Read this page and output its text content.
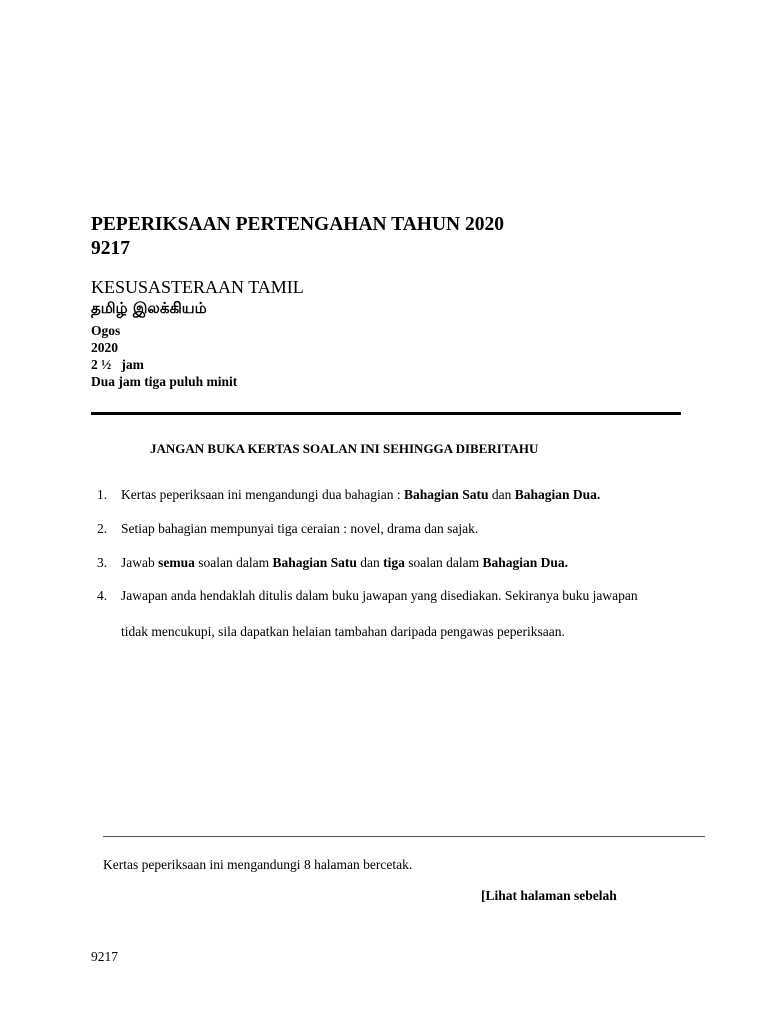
PEPERIKSAAN PERTENGAHAN TAHUN 2020
9217
KESUSASTERAAN TAMIL
தமிழ் இலக்கியம்
Ogos
2020
2 ½   jam
Dua jam tiga puluh minit
JANGAN BUKA KERTAS SOALAN INI SEHINGGA DIBERITAHU
1. Kertas peperiksaan ini mengandungi dua bahagian : Bahagian Satu dan Bahagian Dua.
2. Setiap bahagian mempunyai tiga ceraian : novel, drama dan sajak.
3. Jawab semua soalan dalam Bahagian Satu dan tiga soalan dalam Bahagian Dua.
4. Jawapan anda hendaklah ditulis dalam buku jawapan yang disediakan. Sekiranya buku jawapan
tidak mencukupi, sila dapatkan helaian tambahan daripada pengawas peperiksaan.
Kertas peperiksaan ini mengandungi 8 halaman bercetak.
[Lihat halaman sebelah
9217
